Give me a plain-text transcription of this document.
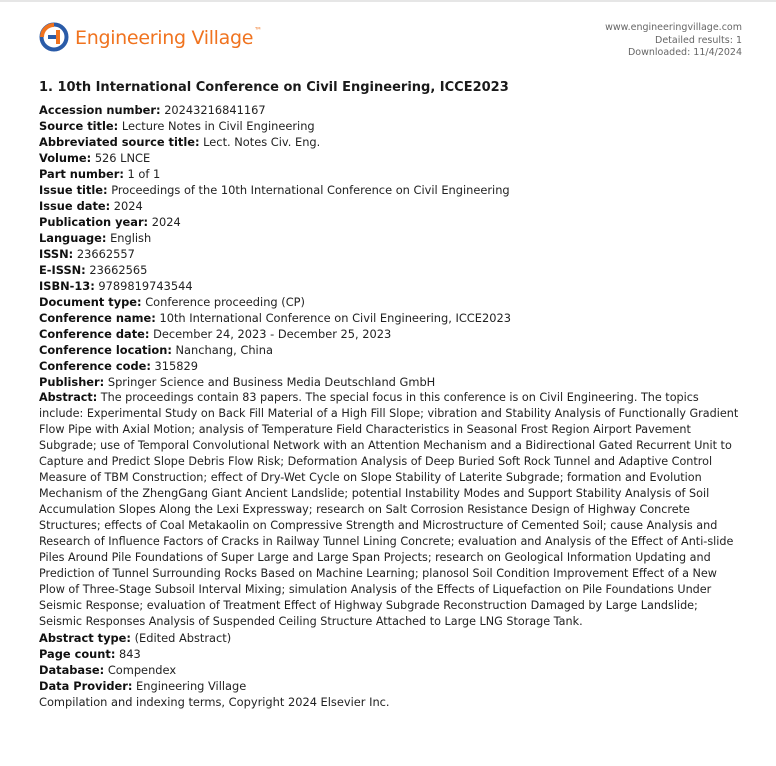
Engineering Village™	www.engineeringvillage.com
Detailed results: 1
Downloaded: 11/4/2024
1. 10th International Conference on Civil Engineering, ICCE2023
Accession number: 20243216841167
Source title: Lecture Notes in Civil Engineering
Abbreviated source title: Lect. Notes Civ. Eng.
Volume: 526 LNCE
Part number: 1 of 1
Issue title: Proceedings of the 10th International Conference on Civil Engineering
Issue date: 2024
Publication year: 2024
Language: English
ISSN: 23662557
E-ISSN: 23662565
ISBN-13: 9789819743544
Document type: Conference proceeding (CP)
Conference name: 10th International Conference on Civil Engineering, ICCE2023
Conference date: December 24, 2023 - December 25, 2023
Conference location: Nanchang, China
Conference code: 315829
Publisher: Springer Science and Business Media Deutschland GmbH
Abstract: The proceedings contain 83 papers. The special focus in this conference is on Civil Engineering. The topics include: Experimental Study on Back Fill Material of a High Fill Slope; vibration and Stability Analysis of Functionally Gradient Flow Pipe with Axial Motion; analysis of Temperature Field Characteristics in Seasonal Frost Region Airport Pavement Subgrade; use of Temporal Convolutional Network with an Attention Mechanism and a Bidirectional Gated Recurrent Unit to Capture and Predict Slope Debris Flow Risk; Deformation Analysis of Deep Buried Soft Rock Tunnel and Adaptive Control Measure of TBM Construction; effect of Dry-Wet Cycle on Slope Stability of Laterite Subgrade; formation and Evolution Mechanism of the ZhengGang Giant Ancient Landslide; potential Instability Modes and Support Stability Analysis of Soil Accumulation Slopes Along the Lexi Expressway; research on Salt Corrosion Resistance Design of Highway Concrete Structures; effects of Coal Metakaolin on Compressive Strength and Microstructure of Cemented Soil; cause Analysis and Research of Influence Factors of Cracks in Railway Tunnel Lining Concrete; evaluation and Analysis of the Effect of Anti-slide Piles Around Pile Foundations of Super Large and Large Span Projects; research on Geological Information Updating and Prediction of Tunnel Surrounding Rocks Based on Machine Learning; planosol Soil Condition Improvement Effect of a New Plow of Three-Stage Subsoil Interval Mixing; simulation Analysis of the Effects of Liquefaction on Pile Foundations Under Seismic Response; evaluation of Treatment Effect of Highway Subgrade Reconstruction Damaged by Large Landslide; Seismic Responses Analysis of Suspended Ceiling Structure Attached to Large LNG Storage Tank.
Abstract type: (Edited Abstract)
Page count: 843
Database: Compendex
Data Provider: Engineering Village
Compilation and indexing terms, Copyright 2024 Elsevier Inc.
